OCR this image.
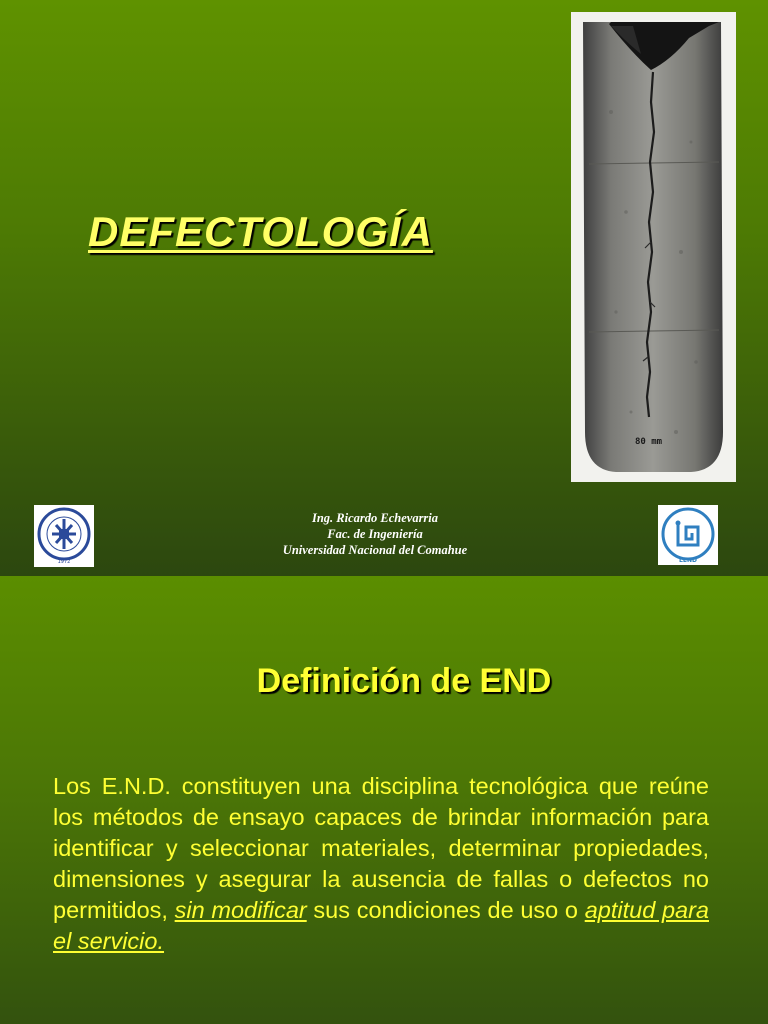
DEFECTOLOGÍA
80 mm
1972
Ing. Ricardo Echevarria
Fac. de Ingeniería
Universidad Nacional del Comahue
LEND
Definición de END

Los E.N.D. constituyen una disciplina tecnológica que reúne los métodos de ensayo capaces de brindar información para identificar y seleccionar materiales, determinar propiedades, dimensiones y asegurar la ausencia de fallas o defectos no permitidos, sin modificar sus condiciones de uso o aptitud para el servicio.
